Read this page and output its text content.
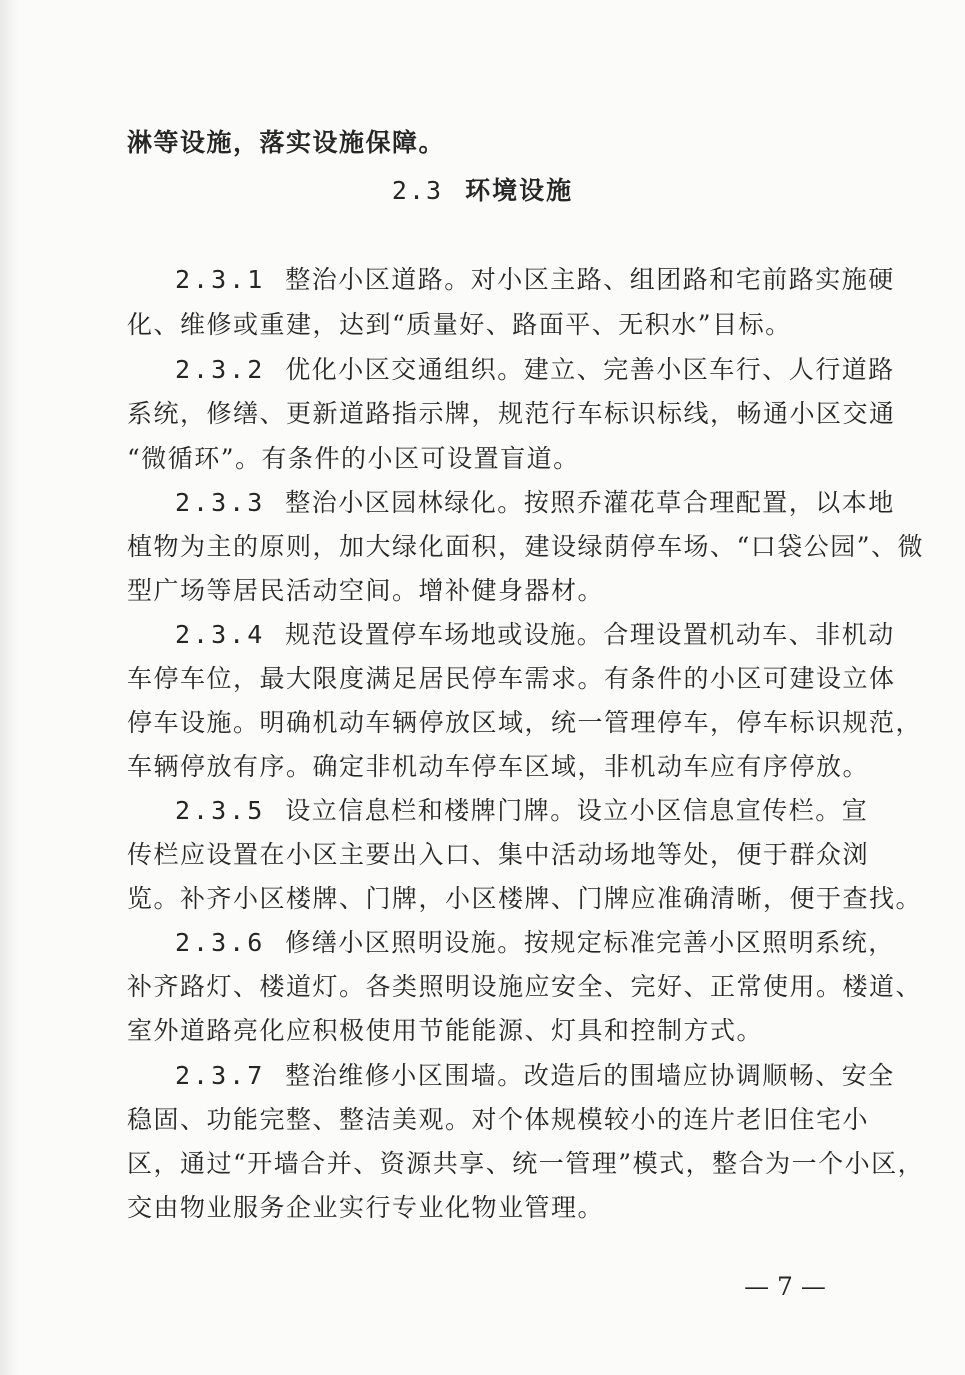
淋等设施，落实设施保障。
2.3 环境设施
2.3.1 整治小区道路。对小区主路、组团路和宅前路实施硬
化、维修或重建，达到“质量好、路面平、无积水”目标。
2.3.2 优化小区交通组织。建立、完善小区车行、人行道路
系统，修缮、更新道路指示牌，规范行车标识标线，畅通小区交通
“微循环”。有条件的小区可设置盲道。
2.3.3 整治小区园林绿化。按照乔灌花草合理配置，以本地
植物为主的原则，加大绿化面积，建设绿荫停车场、“口袋公园”、微
型广场等居民活动空间。增补健身器材。
2.3.4 规范设置停车场地或设施。合理设置机动车、非机动
车停车位，最大限度满足居民停车需求。有条件的小区可建设立体
停车设施。明确机动车辆停放区域，统一管理停车，停车标识规范，
车辆停放有序。确定非机动车停车区域，非机动车应有序停放。
2.3.5 设立信息栏和楼牌门牌。设立小区信息宣传栏。宣
传栏应设置在小区主要出入口、集中活动场地等处，便于群众浏
览。补齐小区楼牌、门牌，小区楼牌、门牌应准确清晰，便于查找。
2.3.6 修缮小区照明设施。按规定标准完善小区照明系统，
补齐路灯、楼道灯。各类照明设施应安全、完好、正常使用。楼道、
室外道路亮化应积极使用节能能源、灯具和控制方式。
2.3.7 整治维修小区围墙。改造后的围墙应协调顺畅、安全
稳固、功能完整、整洁美观。对个体规模较小的连片老旧住宅小
区，通过“开墙合并、资源共享、统一管理”模式，整合为一个小区，
交由物业服务企业实行专业化物业管理。
— 7 —
